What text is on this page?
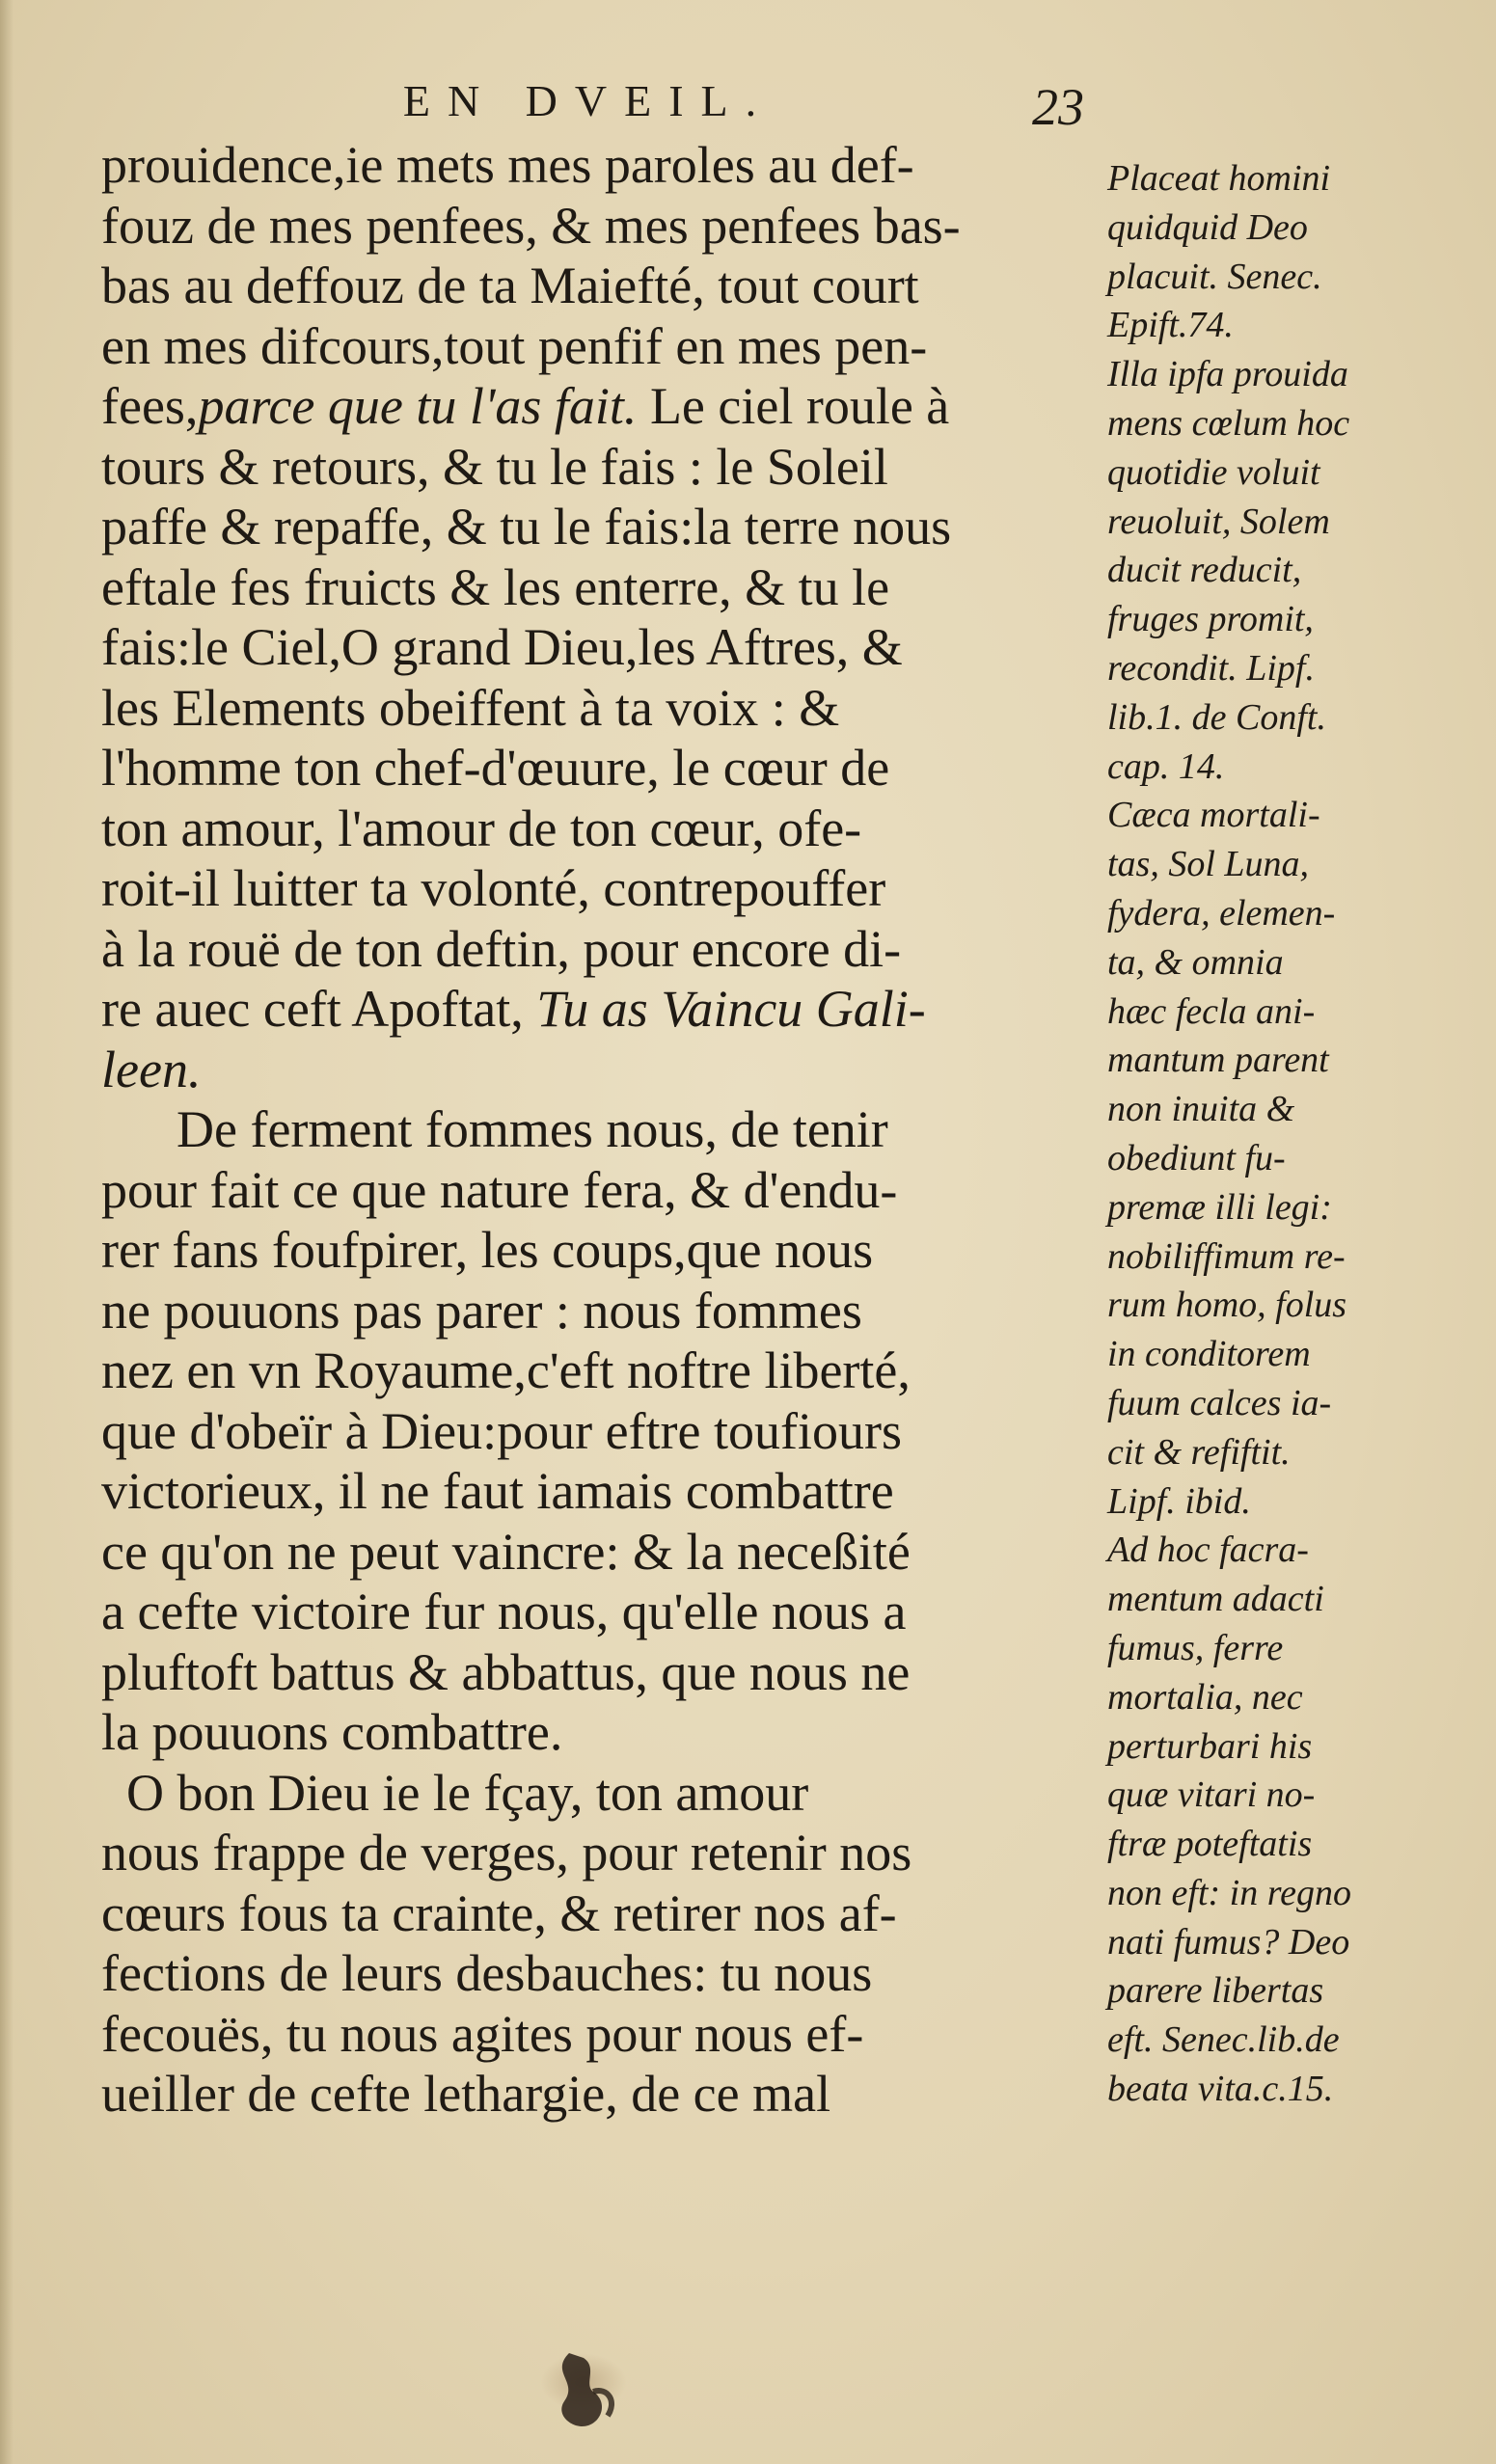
EN DVEIL.	23
prouidence,ie mets mes paroles au def-
fouz de mes penfees, & mes penfees bas-
bas au deffouz de ta Maiefté, tout court
en mes difcours,tout penfif en mes pen-
fees,parce que tu l'as fait. Le ciel roule à
tours & retours, & tu le fais : le Soleil
paffe & repaffe, & tu le fais:la terre nous
eftale fes fruicts & les enterre, & tu le
fais:le Ciel,O grand Dieu,les Aftres, &
les Elements obeiffent à ta voix : &
l'homme ton chef-d'œuure, le cœur de
ton amour, l'amour de ton cœur, ofe-
roit-il luitter ta volonté, contrepouffer
à la rouë de ton deftin, pour encore di-
re auec ceft Apoftat, Tu as Vaincu Gali-
leen.
De ferment fommes nous, de tenir
pour fait ce que nature fera, & d'endu-
rer fans foufpirer, les coups,que nous
ne pouuons pas parer : nous fommes
nez en vn Royaume,c'eft noftre liberté,
que d'obeïr à Dieu:pour eftre toufiours
victorieux, il ne faut iamais combattre
ce qu'on ne peut vaincre: & la neceßité
a cefte victoire fur nous, qu'elle nous a
pluftoft battus & abbattus, que nous ne
la pouuons combattre.
O bon Dieu ie le fçay, ton amour
nous frappe de verges, pour retenir nos
cœurs fous ta crainte, & retirer nos af-
fections de leurs desbauches: tu nous
fecouës, tu nous agites pour nous ef-
ueiller de cefte lethargie, de ce mal
Placeat homini
quidquid Deo
placuit. Senec.
Epift.74.
Illa ipfa prouida
mens cœlum hoc
quotidie voluit
reuoluit, Solem
ducit reducit,
fruges promit,
recondit. Lipf.
lib.1. de Conft.
cap. 14.
Cæca mortali-
tas, Sol Luna,
fydera, elemen-
ta, & omnia
hæc fecla ani-
mantum parent
non inuita &
obediunt fu-
premæ illi legi:
nobiliffimum re-
rum homo, folus
in conditorem
fuum calces ia-
cit & refiftit.
Lipf. ibid.
Ad hoc facra-
mentum adacti
fumus, ferre
mortalia, nec
perturbari his
quæ vitari no-
ftræ poteftatis
non eft: in regno
nati fumus? Deo
parere libertas
eft. Senec.lib.de
beata vita.c.15.
